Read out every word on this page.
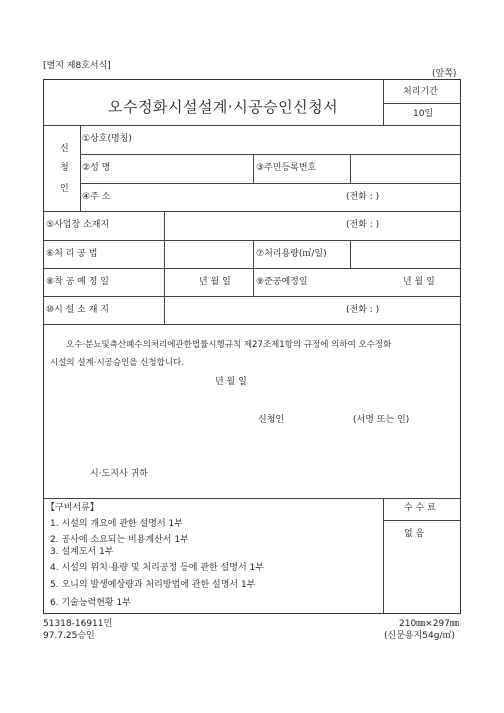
[별지 제8호서식]
(앞쪽)
오수정화시설설계·시공승인신청서
처리기간
10일
신
청
인
①상호(명칭)
②성 명	③주민등록번호
④주 소	(전화 : )
⑤사업장 소재지	(전화 : )
⑥처 리 공 법	⑦처리용량(㎥/일)
⑧착 공 예 정 일	년 월 일	⑨준공예정일	년 월 일
⑩시 설 소 재 지	(전화 : )
오수·분뇨및축산폐수의처리에관한법률시행규칙 제27조제1항의 규정에 의하여 오수정화
시설의 설계·시공승인을 신청합니다.
년 월 일
신청인	(서명 또는 인)
시·도지사 귀하
【구비서류】
1. 시설의 개요에 관한 설명서 1부
2. 공사에 소요되는 비용계산서 1부
3. 설계도서 1부
4. 시설의 위치·용량 및 처리공정 등에 관한 설명서 1부
5. 오니의 발생예상량과 처리방법에 관한 설명서 1부
6. 기술능력현황 1부
수 수 료
없 음
51318-16911민
97.7.25승인
210㎜×297㎜
(신문용지54g/㎡)
